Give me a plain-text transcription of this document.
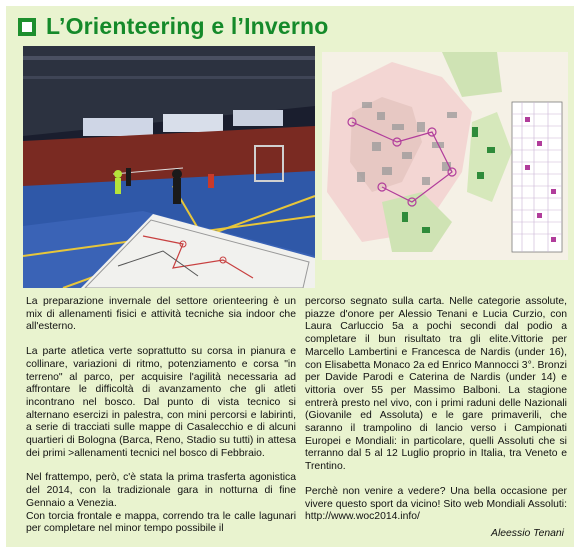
L’Orienteering e l’Inverno

La preparazione invernale del settore orienteering è un mix di allenamenti fisici e attività tecniche sia indoor che all'esterno.

La parte atletica verte soprattutto su corsa in pianura e collinare, variazioni di ritmo, potenziamento e corsa "in terreno" al parco, per acquisire l'agilità necessaria ad affrontare le difficoltà di avanzamento che gli atleti incontrano nel bosco. Dal punto di vista tecnico si alternano esercizi in palestra, con mini percorsi e labirinti, a serie di tracciati sulle mappe di Casalecchio e di alcuni quartieri di Bologna (Barca, Reno, Stadio su tutti) in attesa dei primi >allenamenti tecnici nel bosco di Febbraio.

Nel frattempo, però, c'è stata la prima trasferta agonistica del 2014, con la tradizionale gara in notturna di fine Gennaio a Venezia.

Con torcia frontale e mappa, correndo tra le calle lagunari per completare nel minor tempo possibile il

percorso segnato sulla carta. Nelle categorie assolute, piazze d'onore per Alessio Tenani e Lucia Curzio, con Laura Carluccio 5a a pochi secondi dal podio a completare il bun risultato tra gli elite.Vittorie per Marcello Lambertini e Francesca de Nardis (under 16), con Elisabetta Monaco 2a ed Enrico Mannocci 3°. Bronzi per Davide Parodi e Caterina de Nardis (under 14) e vittoria over 55 per Massimo Balboni. La stagione entrerà presto nel vivo, con i primi raduni delle Nazionali (Giovanile ed Assoluta) e le gare primaverili, che saranno il trampolino di lancio verso i Campionati Europei e Mondiali: in particolare, quelli Assoluti che si terranno dal 5 al 12 Luglio proprio in Italia, tra Veneto e Trentino.

Perchè non venire a vedere? Una bella occasione per vivere questo sport da vicino! Sito web Mondiali Assoluti: http://www.woc2014.info/

Aleessio Tenani
